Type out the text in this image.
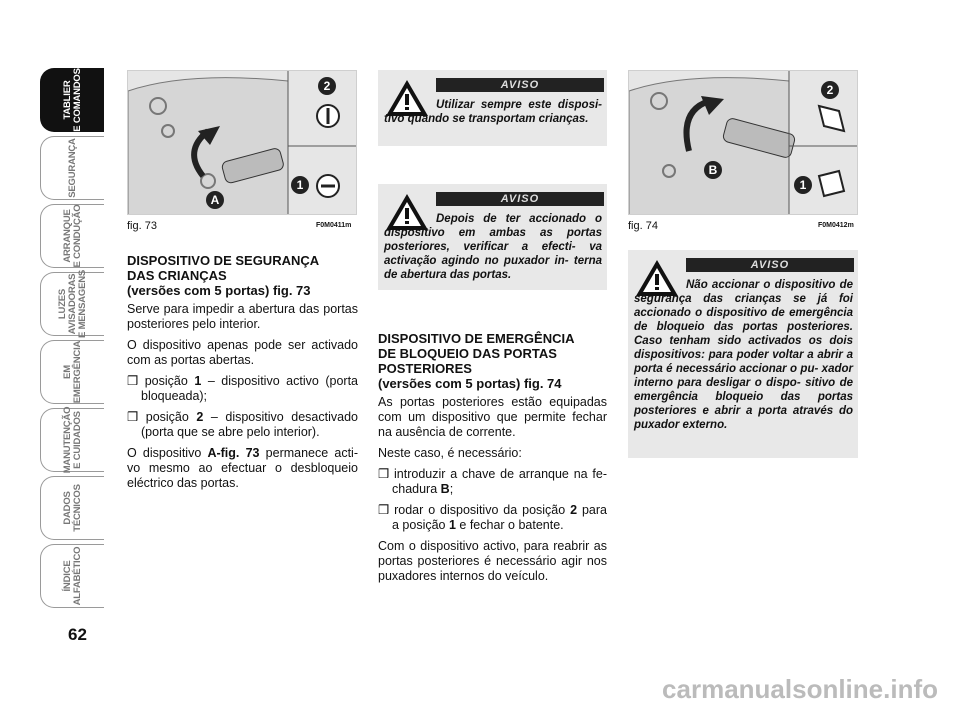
TABLIER
E COMANDOS
SEGURANÇA
ARRANQUE
E CONDUÇÃO
LUZES
AVISADORAS
E MENSAGENS
EM
EMERGÊNCIA
MANUTENÇÃO
E CUIDADOS
DADOS
TÉCNICOS
ÍNDICE
ALFABÉTICO
62
2
1
A
fig. 73	F0M0411m
DISPOSITIVO DE SEGURANÇA
DAS CRIANÇAS
(versões com 5 portas) fig. 73

Serve para impedir a abertura das portas posteriores pelo interior.

O dispositivo apenas pode ser activado com as portas abertas.

❒ posição 1 – dispositivo activo (porta bloqueada);

❒ posição 2 – dispositivo desactivado (porta que se abre pelo interior).

O dispositivo A-fig. 73 permanece acti- vo mesmo ao efectuar o desbloqueio eléctrico das portas.

AVISO
Utilizar sempre este disposi- tivo quando se transportam crianças.
AVISO
Depois de ter accionado o dispositivo em ambas as portas posteriores, verificar a efecti- va activação agindo no puxador in- terna de abertura das portas.
DISPOSITIVO DE EMERGÊNCIA
DE BLOQUEIO DAS PORTAS
POSTERIORES
(versões com 5 portas) fig. 74

As portas posteriores estão equipadas com um dispositivo que permite fechar na ausência de corrente.

Neste caso, é necessário:

❒ introduzir a chave de arranque na fe- chadura B;

❒ rodar o dispositivo da posição 2 para a posição 1 e fechar o batente.

Com o dispositivo activo, para reabrir as portas posteriores é necessário agir nos puxadores internos do veículo.

2
B
1
fig. 74	F0M0412m
AVISO
Não accionar o dispositivo de segurança das crianças se já foi accionado o dispositivo de emergência de bloqueio das portas posteriores. Caso tenham sido activados os dois dispositivos: para poder voltar a abrir a porta é necessário accionar o pu- xador interno para desligar o dispo- sitivo de emergência bloqueio das portas posteriores e abrir a porta através do puxador externo.
carmanualsonline.info
